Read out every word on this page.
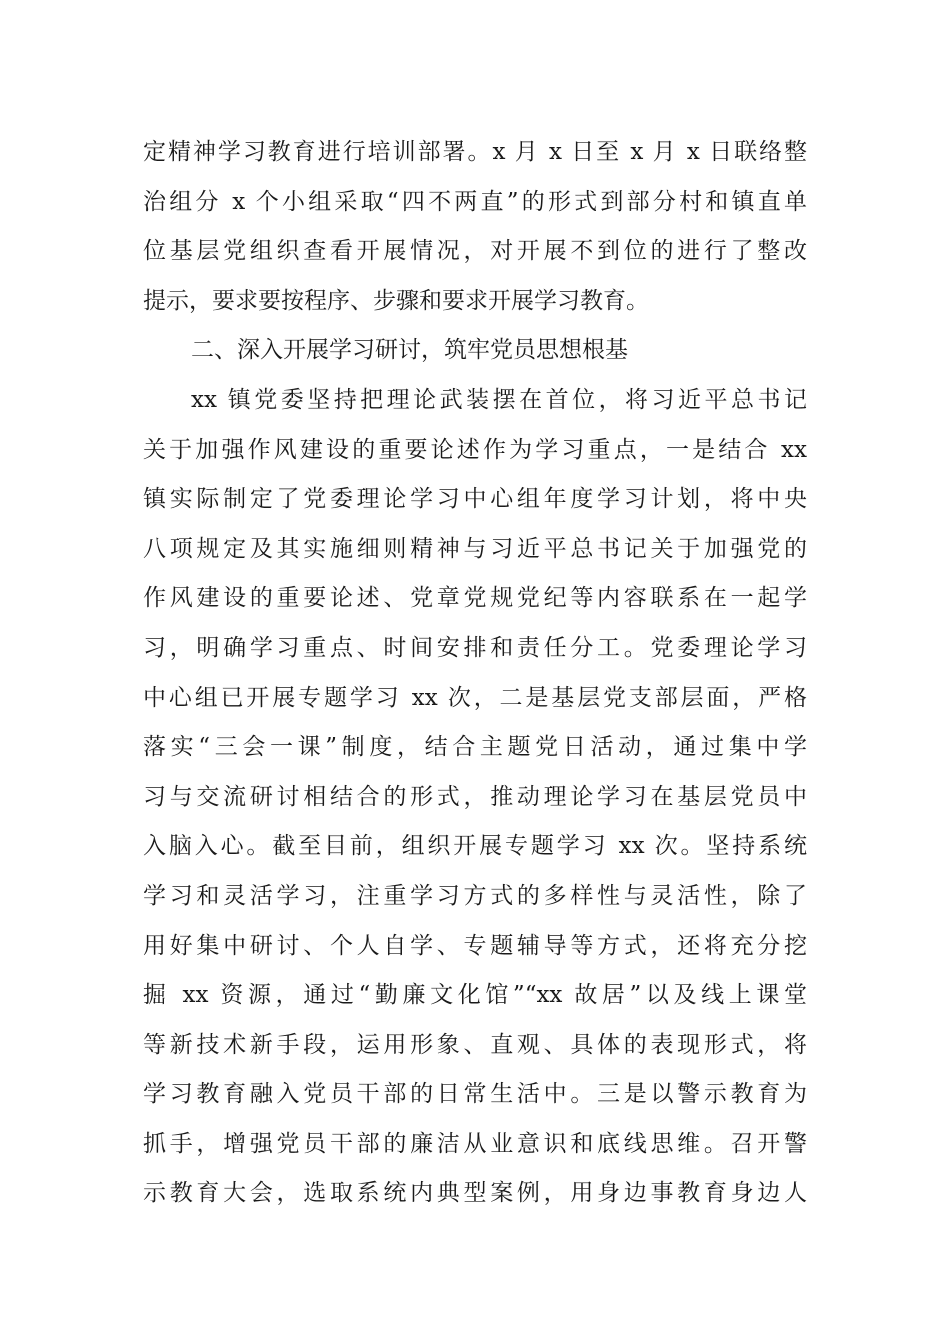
定精神学习教育进行培训部署。x 月 x 日至 x 月 x 日联络整
治组分 x 个小组采取“四不两直”的形式到部分村和镇直单
位基层党组织查看开展情况，对开展不到位的进行了整改
提示，要求要按程序、步骤和要求开展学习教育。
二、深入开展学习研讨，筑牢党员思想根基
xx 镇党委坚持把理论武装摆在首位，将习近平总书记
关于加强作风建设的重要论述作为学习重点，一是结合 xx
镇实际制定了党委理论学习中心组年度学习计划，将中央
八项规定及其实施细则精神与习近平总书记关于加强党的
作风建设的重要论述、党章党规党纪等内容联系在一起学
习，明确学习重点、时间安排和责任分工。党委理论学习
中心组已开展专题学习 xx 次，二是基层党支部层面，严格
落实“三会一课”制度，结合主题党日活动，通过集中学
习与交流研讨相结合的形式，推动理论学习在基层党员中
入脑入心。截至目前，组织开展专题学习 xx 次。坚持系统
学习和灵活学习，注重学习方式的多样性与灵活性，除了
用好集中研讨、个人自学、专题辅导等方式，还将充分挖
掘 xx 资源，通过“勤廉文化馆”“xx 故居”以及线上课堂
等新技术新手段，运用形象、直观、具体的表现形式，将
学习教育融入党员干部的日常生活中。三是以警示教育为
抓手，增强党员干部的廉洁从业意识和底线思维。召开警
示教育大会，选取系统内典型案例，用身边事教育身边人
